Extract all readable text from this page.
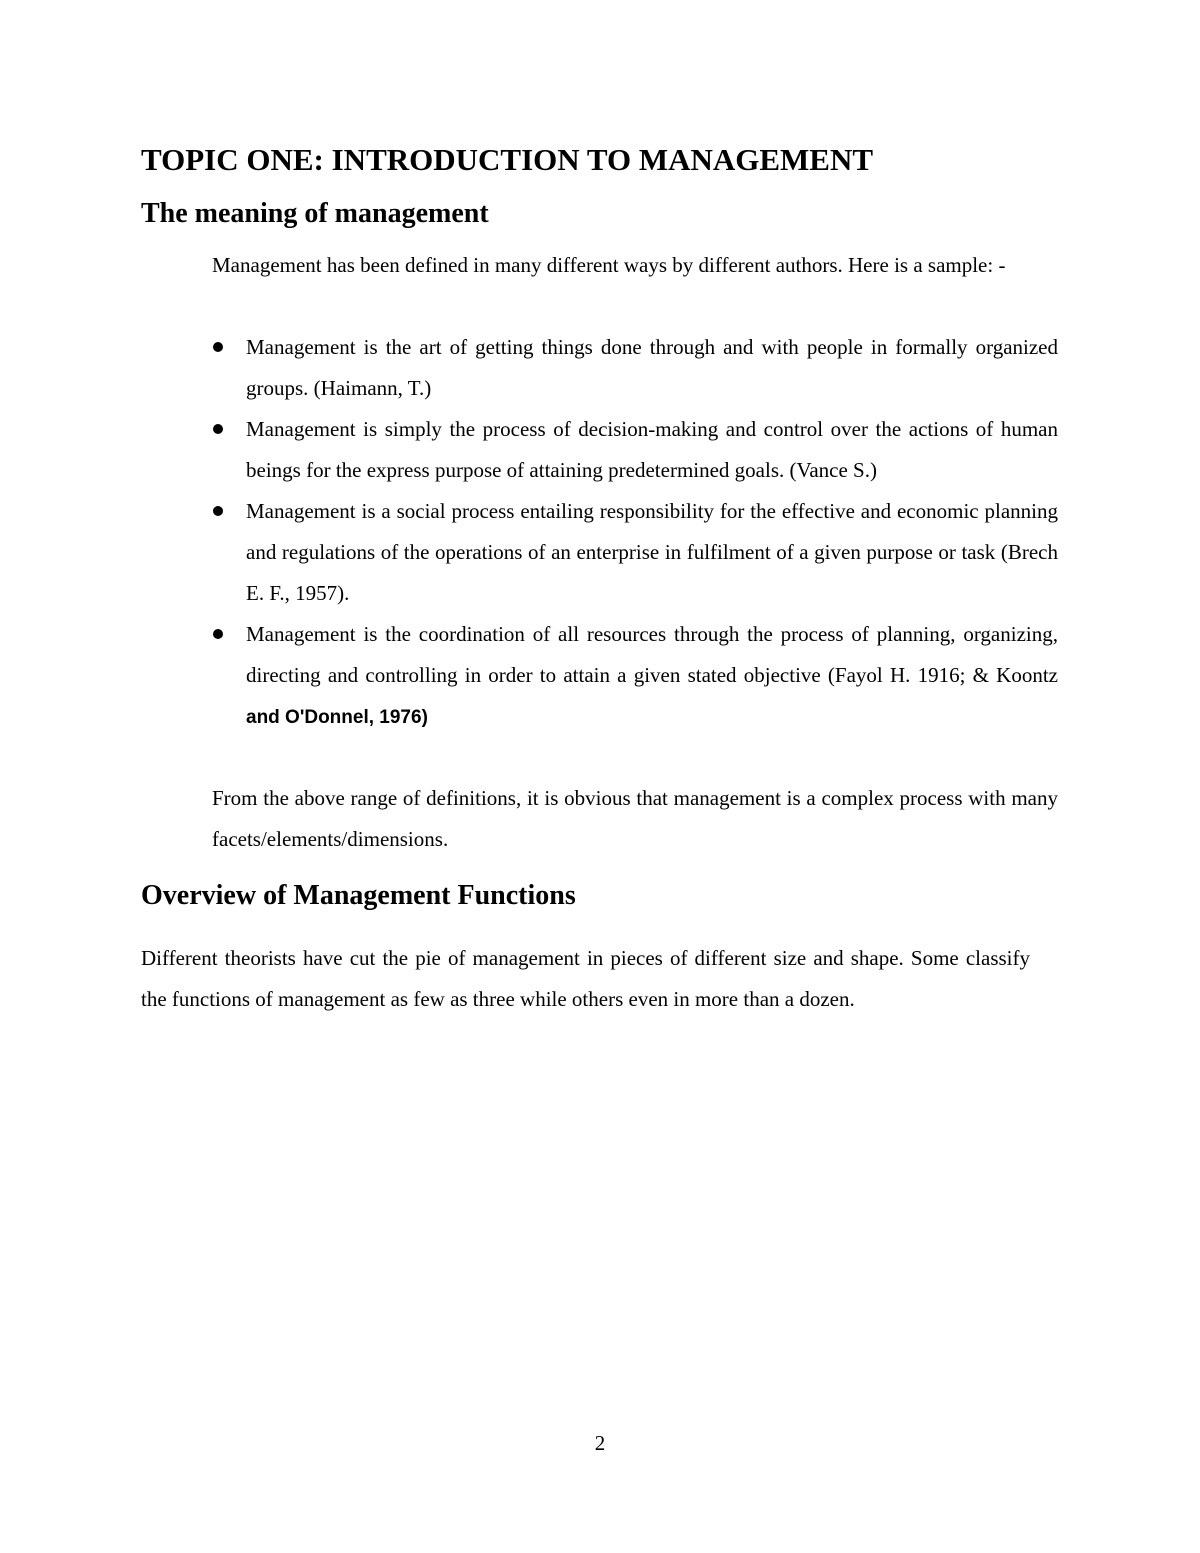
TOPIC ONE: INTRODUCTION TO MANAGEMENT
The meaning of management

Management has been defined in many different ways by different authors. Here is a sample: -

Management is the art of getting things done through and with people in formally organized groups. (Haimann, T.)
Management is simply the process of decision-making and control over the actions of human beings for the express purpose of attaining predetermined goals. (Vance S.)
Management is a social process entailing responsibility for the effective and economic planning and regulations of the operations of an enterprise in fulfilment of a given purpose or task (Brech E. F., 1957).
Management is the coordination of all resources through the process of planning, organizing, directing and controlling in order to attain a given stated objective (Fayol H. 1916; & Koontz and O'Donnel, 1976)

From the above range of definitions, it is obvious that management is a complex process with many facets/elements/dimensions.

Overview of Management Functions

Different theorists have cut the pie of management in pieces of different size and shape. Some classify the functions of management as few as three while others even in more than a dozen.

2
